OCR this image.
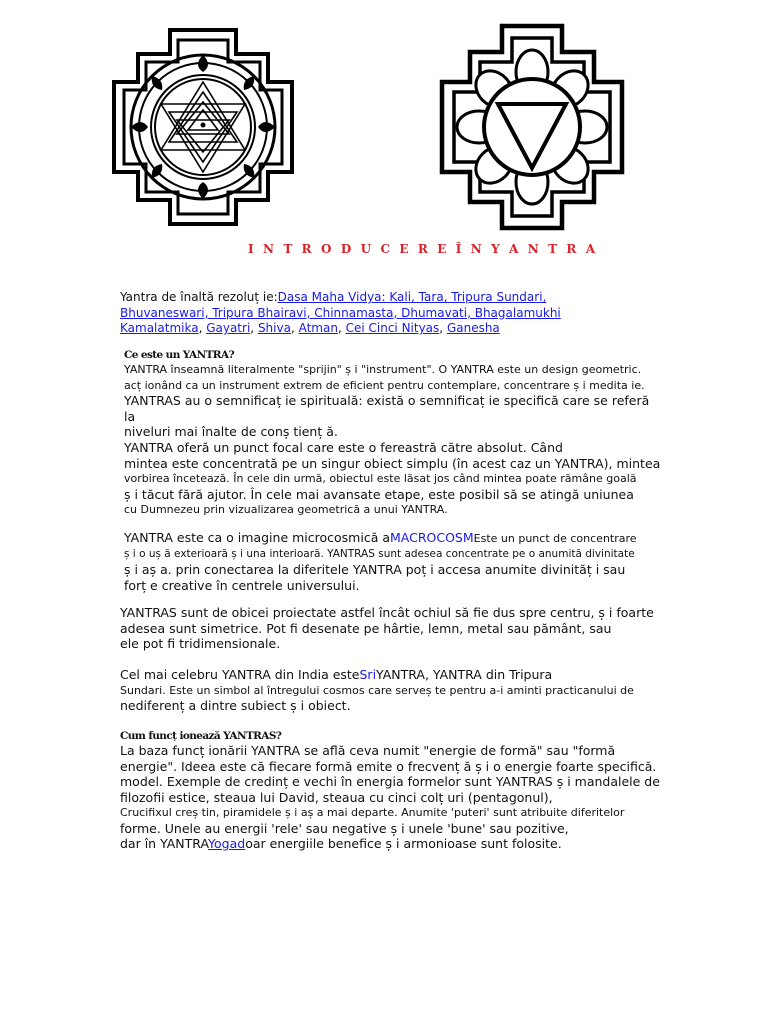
I N T R O D U C E R E Î N Y A N T R A
Yantra de înaltă rezoluț ie:Dasa Maha Vidya: Kali, Tara, Tripura Sundari,
Bhuvaneswari, Tripura Bhairavi, Chinnamasta, Dhumavati, Bhagalamukhi
Kamalatmika, Gayatri, Shiva, Atman, Cei Cinci Nityas, Ganesha
Ce este un YANTRA?

YANTRA înseamnă literalmente "sprijin" ș i "instrument". O YANTRA este un design geometric.

acț ionând ca un instrument extrem de eficient pentru contemplare, concentrare ș i medita ie.

YANTRAS au o semnificaț ie spirituală: există o semnificaț ie specifică care se referă la

niveluri mai înalte de conș tienț ă.

YANTRA oferă un punct focal care este o fereastră către absolut. Când

mintea este concentrată pe un singur obiect simplu (în acest caz un YANTRA), mintea

vorbirea încetează. În cele din urmă, obiectul este lăsat jos când mintea poate rămâne goală

ș i tăcut fără ajutor. În cele mai avansate etape, este posibil să se atingă uniunea

cu Dumnezeu prin vizualizarea geometrică a unui YANTRA.

YANTRA este ca o imagine microcosmică aMACROCOSMEste un punct de concentrare

ș i o uș ă exterioară ș i una interioară. YANTRAS sunt adesea concentrate pe o anumită divinitate

ș i aș a. prin conectarea la diferitele YANTRA poț i accesa anumite divinităț i sau

forț e creative în centrele universului.

YANTRAS sunt de obicei proiectate astfel încât ochiul să fie dus spre centru, ș i foarte

adesea sunt simetrice. Pot fi desenate pe hârtie, lemn, metal sau pământ, sau

ele pot fi tridimensionale.

Cel mai celebru YANTRA din India esteSriYANTRA, YANTRA din Tripura

Sundari. Este un simbol al întregului cosmos care serveș te pentru a-i aminti practicanului de

nediferenț a dintre subiect ș i obiect.

Cum funcț ionează YANTRAS?

La baza funcț ionării YANTRA se află ceva numit "energie de formă" sau "formă

energie". Ideea este că fiecare formă emite o frecvenț ă ș i o energie foarte specifică.

model. Exemple de credinț e vechi în energia formelor sunt YANTRAS ș i mandalele de

filozofii estice, steaua lui David, steaua cu cinci colț uri (pentagonul),

Crucifixul creș tin, piramidele ș i aș a mai departe. Anumite 'puteri' sunt atribuite diferitelor

forme. Unele au energii 'rele' sau negative ș i unele 'bune' sau pozitive,

dar în YANTRAYogadoar energiile benefice ș i armonioase sunt folosite.
